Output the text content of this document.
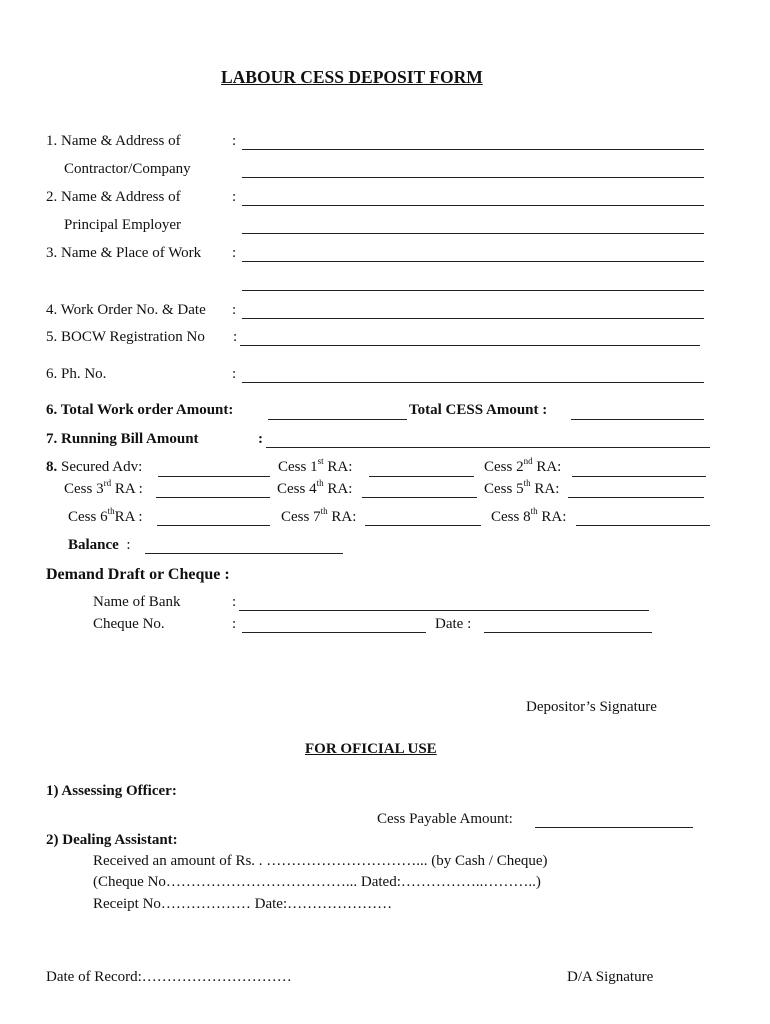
LABOUR CESS DEPOSIT FORM
1. Name & Address of	:
Contractor/Company
2. Name & Address of	:
Principal Employer
3. Name & Place of Work :
4. Work Order No. & Date :
5. BOCW Registration No :
6. Ph. No.	:
6. Total Work order Amount:	Total CESS Amount :
7. Running Bill Amount	:
8. Secured Adv:	Cess 1st RA:	Cess 2nd RA:
Cess 3rd RA :	Cess 4th RA:	Cess 5th RA:
Cess 6thRA :	Cess 7th RA:	Cess 8th RA:
Balance :
Demand Draft or Cheque :
Name of Bank	:
Cheque No.	:	Date :
Depositor’s Signature
FOR OFICIAL USE
1) Assessing Officer:
Cess Payable Amount:
2) Dealing Assistant:
Received an amount of Rs. . …………………………... (by Cash / Cheque)
(Cheque No………………………………... Dated:……………..………..)
Receipt No……………… Date:…………………
Date of Record:…………………………	D/A Signature
